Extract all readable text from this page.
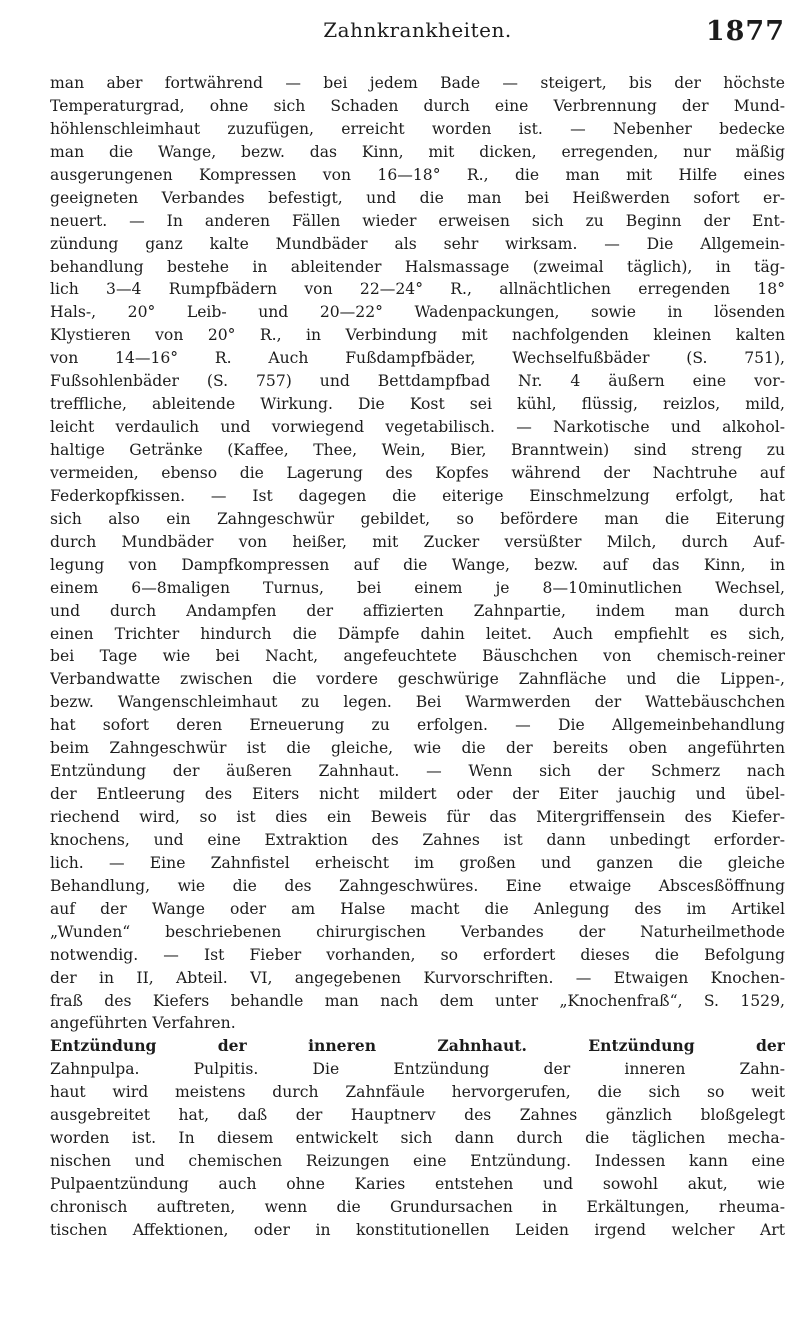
Zahnkrankheiten.	1877
man aber fortwährend — bei jedem Bade — steigert, bis der höchste
Temperaturgrad, ohne sich Schaden durch eine Verbrennung der Mund-
höhlenschleimhaut zuzufügen, erreicht worden ist. — Nebenher bedecke
man die Wange, bezw. das Kinn, mit dicken, erregenden, nur mäßig
ausgerungenen Kompressen von 16—18° R., die man mit Hilfe eines
geeigneten Verbandes befestigt, und die man bei Heißwerden sofort er-
neuert. — In anderen Fällen wieder erweisen sich zu Beginn der Ent-
zündung ganz kalte Mundbäder als sehr wirksam. — Die Allgemein-
behandlung bestehe in ableitender Halsmassage (zweimal täglich), in täg-
lich 3—4 Rumpfbädern von 22—24° R., allnächtlichen erregenden 18°
Hals-, 20° Leib- und 20—22° Wadenpackungen, sowie in lösenden
Klystieren von 20° R., in Verbindung mit nachfolgenden kleinen kalten
von 14—16° R. Auch Fußdampfbäder, Wechselfußbäder (S. 751),
Fußsohlenbäder (S. 757) und Bettdampfbad Nr. 4 äußern eine vor-
treffliche, ableitende Wirkung. Die Kost sei kühl, flüssig, reizlos, mild,
leicht verdaulich und vorwiegend vegetabilisch. — Narkotische und alkohol-
haltige Getränke (Kaffee, Thee, Wein, Bier, Branntwein) sind streng zu
vermeiden, ebenso die Lagerung des Kopfes während der Nachtruhe auf
Federkopfkissen. — Ist dagegen die eiterige Einschmelzung erfolgt, hat
sich also ein Zahngeschwür gebildet, so befördere man die Eiterung
durch Mundbäder von heißer, mit Zucker versüßter Milch, durch Auf-
legung von Dampfkompressen auf die Wange, bezw. auf das Kinn, in
einem 6—8maligen Turnus, bei einem je 8—10minutlichen Wechsel,
und durch Andampfen der affizierten Zahnpartie, indem man durch
einen Trichter hindurch die Dämpfe dahin leitet. Auch empfiehlt es sich,
bei Tage wie bei Nacht, angefeuchtete Bäuschchen von chemisch-reiner
Verbandwatte zwischen die vordere geschwürige Zahnfläche und die Lippen-,
bezw. Wangenschleimhaut zu legen. Bei Warmwerden der Wattebäuschchen
hat sofort deren Erneuerung zu erfolgen. — Die Allgemeinbehandlung
beim Zahngeschwür ist die gleiche, wie die der bereits oben angeführten
Entzündung der äußeren Zahnhaut. — Wenn sich der Schmerz nach
der Entleerung des Eiters nicht mildert oder der Eiter jauchig und übel-
riechend wird, so ist dies ein Beweis für das Mitergriffensein des Kiefer-
knochens, und eine Extraktion des Zahnes ist dann unbedingt erforder-
lich. — Eine Zahnfistel erheischt im großen und ganzen die gleiche
Behandlung, wie die des Zahngeschwüres. Eine etwaige Abscesßöffnung
auf der Wange oder am Halse macht die Anlegung des im Artikel
„Wunden“ beschriebenen chirurgischen Verbandes der Naturheilmethode
notwendig. — Ist Fieber vorhanden, so erfordert dieses die Befolgung
der in II, Abteil. VI, angegebenen Kurvorschriften. — Etwaigen Knochen-
fraß des Kiefers behandle man nach dem unter „Knochenfraß“, S. 1529,
angeführten Verfahren.
Entzündung der inneren Zahnhaut. Entzündung der
Zahnpulpa. Pulpitis. Die Entzündung der inneren Zahn-
haut wird meistens durch Zahnfäule hervorgerufen, die sich so weit
ausgebreitet hat, daß der Hauptnerv des Zahnes gänzlich bloßgelegt
worden ist. In diesem entwickelt sich dann durch die täglichen mecha-
nischen und chemischen Reizungen eine Entzündung. Indessen kann eine
Pulpaentzündung auch ohne Karies entstehen und sowohl akut, wie
chronisch auftreten, wenn die Grundursachen in Erkältungen, rheuma-
tischen Affektionen, oder in konstitutionellen Leiden irgend welcher Art
